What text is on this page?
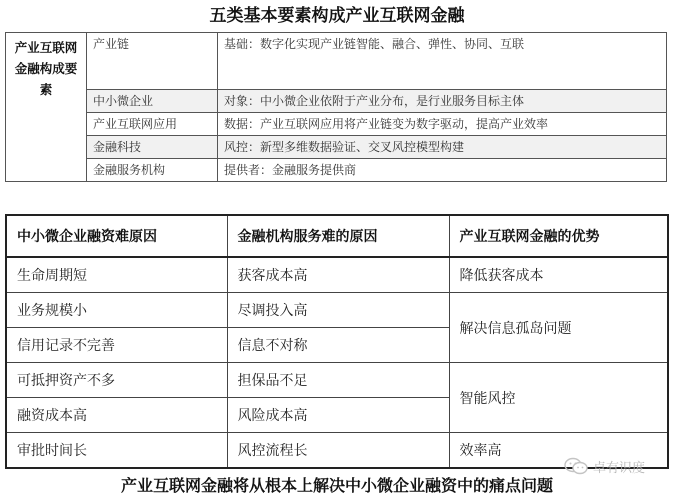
五类基本要素构成产业互联网金融
产业互联网金融构成要素	产业链	基础：数字化实现产业链智能、融合、弹性、协同、互联
	中小微企业	对象：中小微企业依附于产业分布，是行业服务目标主体
	产业互联网应用	数据：产业互联网应用将产业链变为数字驱动，提高产业效率
	金融科技	风控：新型多维数据验证、交叉风控模型构建
	金融服务机构	提供者：金融服务提供商
中小微企业融资难原因	金融机构服务难的原因	产业互联网金融的优势
生命周期短	获客成本高	降低获客成本
业务规模小	尽调投入高	解决信息孤岛问题
信用记录不完善	信息不对称	
可抵押资产不多	担保品不足	智能风控
融资成本高	风险成本高	
审批时间长	风控流程长	效率高
卓有识度
产业互联网金融将从根本上解决中小微企业融资中的痛点问题
